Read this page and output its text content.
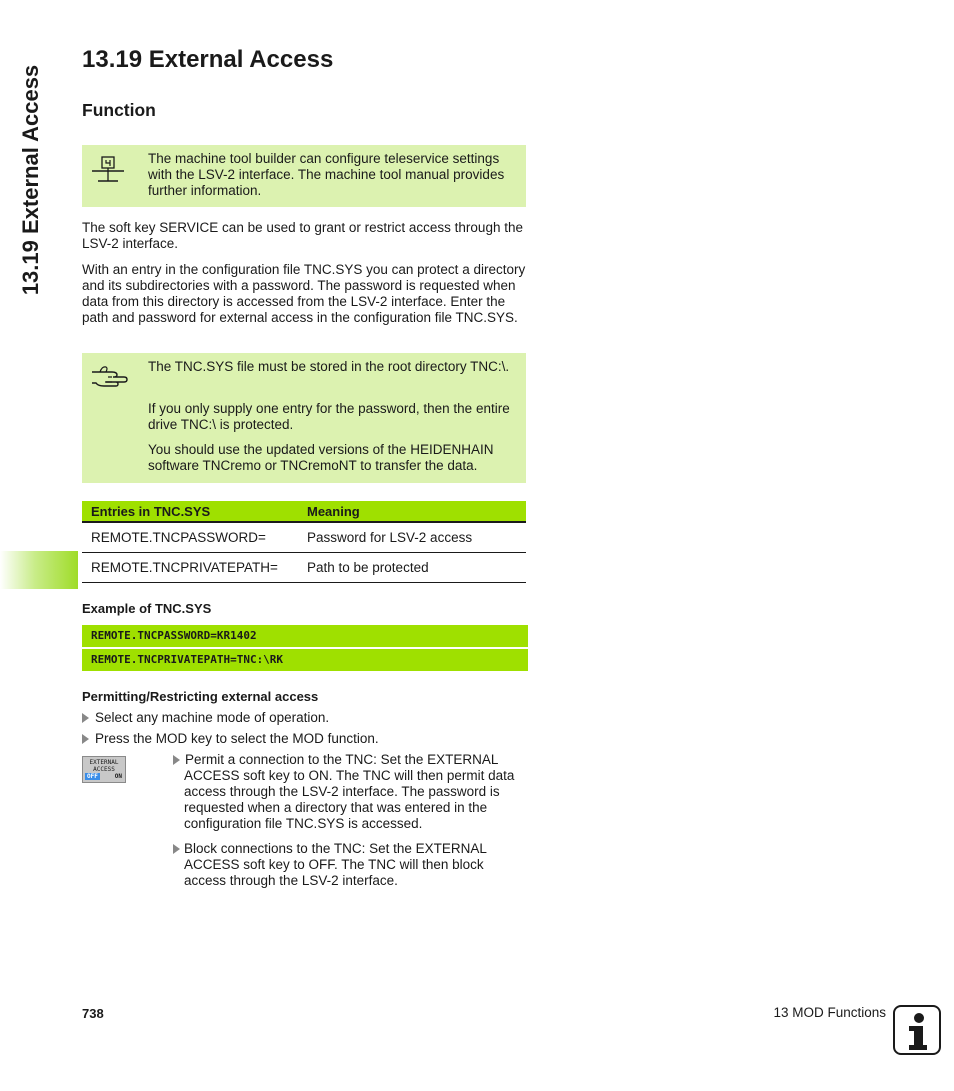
13.19 External Access
13.19 External Access
Function

The machine tool builder can configure teleservice settings with the LSV-2 interface. The machine tool manual provides further information.

The soft key SERVICE can be used to grant or restrict access through the LSV-2 interface.

With an entry in the configuration file TNC.SYS you can protect a directory and its subdirectories with a password. The password is requested when data from this directory is accessed from the LSV-2 interface. Enter the path and password for external access in the configuration file TNC.SYS.

The TNC.SYS file must be stored in the root directory TNC:\.

If you only supply one entry for the password, then the entire drive TNC:\ is protected.

You should use the updated versions of the HEIDENHAIN software TNCremo or TNCremoNT to transfer the data.

Entries in TNC.SYS	Meaning
REMOTE.TNCPASSWORD=	Password for LSV-2 access
REMOTE.TNCPRIVATEPATH=	Path to be protected

Example of TNC.SYS

REMOTE.TNCPASSWORD=KR1402
REMOTE.TNCPRIVATEPATH=TNC:\RK

Permitting/Restricting external access

Select any machine mode of operation.

Press the MOD key to select the MOD function.

EXTERNAL
ACCESS
OFF	ON

Permit a connection to the TNC: Set the EXTERNAL ACCESS soft key to ON. The TNC will then permit data access through the LSV-2 interface. The password is requested when a directory that was entered in the configuration file TNC.SYS is accessed.

Block connections to the TNC: Set the EXTERNAL ACCESS soft key to OFF. The TNC will then block access through the LSV-2 interface.

738	13 MOD Functions
